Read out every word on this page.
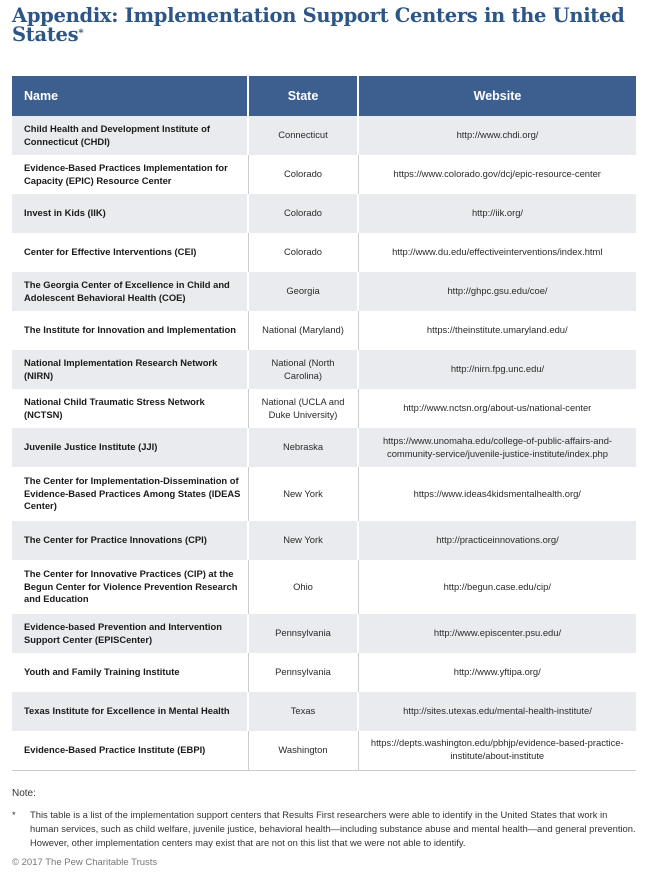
Appendix: Implementation Support Centers in the United States*
Name	State	Website
Child Health and Development Institute of Connecticut (CHDI)	Connecticut	http://www.chdi.org/
Evidence-Based Practices Implementation for Capacity (EPIC) Resource Center	Colorado	https://www.colorado.gov/dcj/epic-resource-center
Invest in Kids (IIK)	Colorado	http://iik.org/
Center for Effective Interventions (CEI)	Colorado	http://www.du.edu/effectiveinterventions/index.html
The Georgia Center of Excellence in Child and Adolescent Behavioral Health (COE)	Georgia	http://ghpc.gsu.edu/coe/
The Institute for Innovation and Implementation	National (Maryland)	https://theinstitute.umaryland.edu/
National Implementation Research Network (NIRN)	National (North Carolina)	http://nirn.fpg.unc.edu/
National Child Traumatic Stress Network (NCTSN)	National (UCLA and Duke University)	http://www.nctsn.org/about-us/national-center
Juvenile Justice Institute (JJI)	Nebraska	https://www.unomaha.edu/college-of-public-affairs-and-community-service/juvenile-justice-institute/index.php
The Center for Implementation-Dissemination of Evidence-Based Practices Among States (IDEAS Center)	New York	https://www.ideas4kidsmentalhealth.org/
The Center for Practice Innovations (CPI)	New York	http://practiceinnovations.org/
The Center for Innovative Practices (CIP) at the Begun Center for Violence Prevention Research and Education	Ohio	http://begun.case.edu/cip/
Evidence-based Prevention and Intervention Support Center (EPISCenter)	Pennsylvania	http://www.episcenter.psu.edu/
Youth and Family Training Institute	Pennsylvania	http://www.yftipa.org/
Texas Institute for Excellence in Mental Health	Texas	http://sites.utexas.edu/mental-health-institute/
Evidence-Based Practice Institute (EBPI)	Washington	https://depts.washington.edu/pbhjp/evidence-based-practice-institute/about-institute
Note:
*	This table is a list of the implementation support centers that Results First researchers were able to identify in the United States that work in human services, such as child welfare, juvenile justice, behavioral health—including substance abuse and mental health—and general prevention. However, other implementation centers may exist that are not on this list that we were not able to identify.
© 2017 The Pew Charitable Trusts
